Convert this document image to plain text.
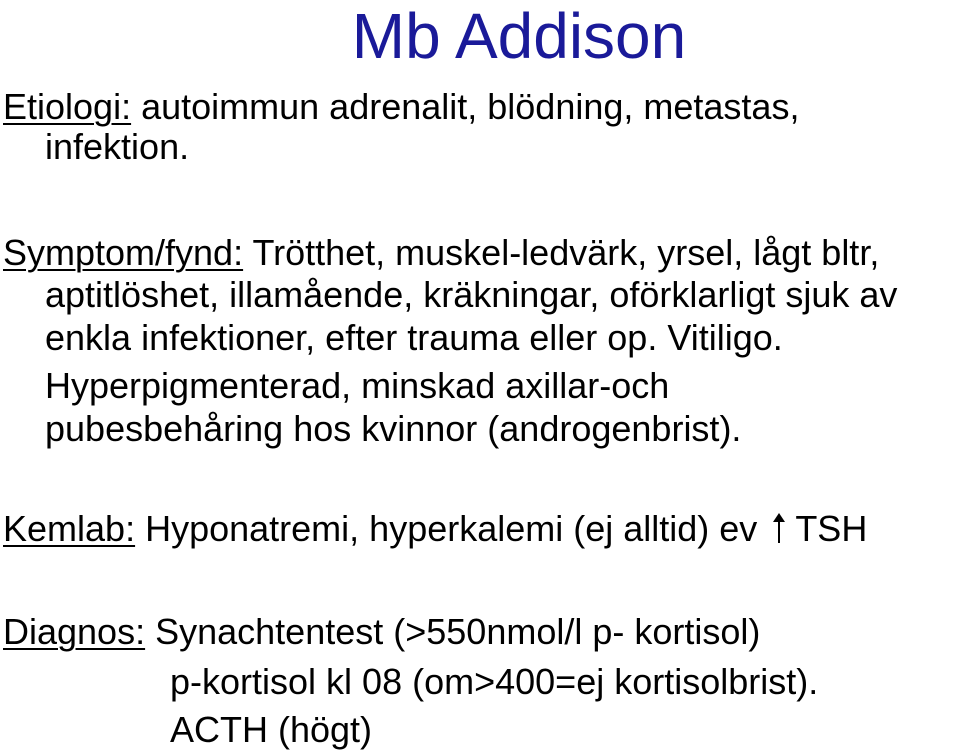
Mb Addison
Etiologi: autoimmun adrenalit, blödning, metastas,
infektion.
Symptom/fynd: Trötthet, muskel-ledvärk, yrsel, lågt bltr,
aptitlöshet, illamående, kräkningar, oförklarligt sjuk av
enkla infektioner, efter trauma eller op. Vitiligo.
Hyperpigmenterad, minskad axillar-och
pubesbehåring hos kvinnor (androgenbrist).
Kemlab: Hyponatremi, hyperkalemi (ej alltid) ev TSH
Diagnos: Synachtentest (>550nmol/l p- kortisol)
p-kortisol kl 08 (om>400=ej kortisolbrist).
ACTH (högt)
